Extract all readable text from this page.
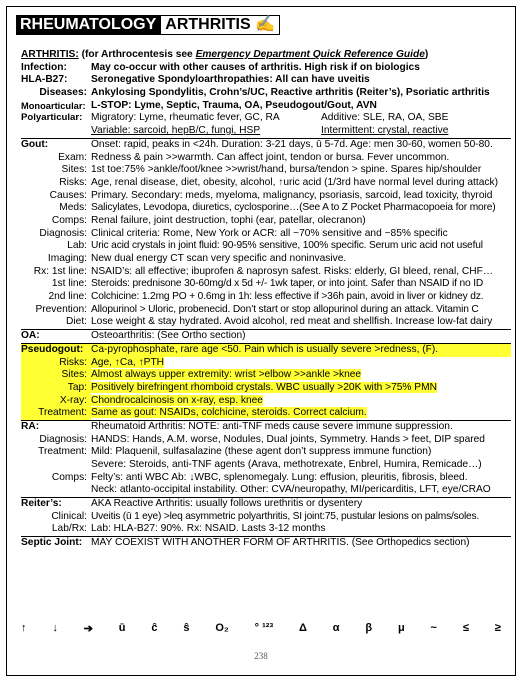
RHEUMATOLOGY ARTHRITIS ✍
ARTHRITIS: (for Arthrocentesis see Emergency Department Quick Reference Guide)
Infection:	May co-occur with other causes of arthritis. High risk if on biologics
HLA-B27:	Seronegative Spondyloarthropathies: All can have uveitis
Diseases: Ankylosing Spondylitis, Crohn’s/UC, Reactive arthritis (Reiter’s), Psoriatic arthritis
Monoarticular: L-STOP: Lyme, Septic, Trauma, OA, Pseudogout/Gout, AVN
Polyarticular: Migratory: Lyme, rheumatic fever, GC, RA	Additive: SLE, RA, OA, SBE
Variable: sarcoid, hepB/C, fungi, HSP	Intermittent: crystal, reactive
Gout:	Onset: rapid, peaks in <24h. Duration: 3-21 days, ū 5-7d. Age: men 30-60, women 50-80.
Exam: Redness & pain >>warmth. Can affect joint, tendon or bursa. Fever uncommon.
Sites: 1st toe:75% >ankle/foot/knee >>wrist/hand, bursa/tendon > spine. Spares hip/shoulder
Risks: Age, renal disease, diet, obesity, alcohol, ↑uric acid (1/3rd have normal level during attack)
Causes: Primary. Secondary: meds, myeloma, malignancy, psoriasis, sarcoid, lead toxicity, thyroid
Meds: Salicylates, Levodopa, diuretics, cyclosporine…(See A to Z Pocket Pharmacopoeia for more)
Comps: Renal failure, joint destruction, tophi (ear, patellar, olecranon)
Diagnosis: Clinical criteria: Rome, New York or ACR: all ~70% sensitive and ~85% specific
Lab: Uric acid crystals in joint fluid: 90-95% sensitive, 100% specific. Serum uric acid not useful
Imaging: New dual energy CT scan very specific and noninvasive.
Rx: 1st line: NSAID’s: all effective; ibuprofen & naprosyn safest. Risks: elderly, GI bleed, renal, CHF…
1st line: Steroids: prednisone 30-60mg/d x 5d +/- 1wk taper, or into joint. Safer than NSAID if no ID
2nd line: Colchicine: 1.2mg PO + 0.6mg in 1h: less effective if >36h pain, avoid in liver or kidney dz.
Prevention: Allopurinol > Uloric, probenecid. Don’t start or stop allopurinol during an attack. Vitamin C
Diet: Lose weight & stay hydrated. Avoid alcohol, red meat and shellfish. Increase low-fat dairy
OA:	Osteoarthritis: (See Ortho section)
Pseudogout: Ca-pyrophosphate, rare age <50. Pain which is usually severe >redness, (F).
Risks: Age, ↑Ca, ↑PTH
Sites: Almost always upper extremity: wrist >elbow >>ankle >knee
Tap: Positively birefringent rhomboid crystals. WBC usually >20K with >75% PMN
X-ray: Chondrocalcinosis on x-ray, esp. knee
Treatment: Same as gout: NSAIDs, colchicine, steroids. Correct calcium.
RA:	Rheumatoid Arthritis: NOTE: anti-TNF meds cause severe immune suppression.
Diagnosis: HANDS: Hands, A.M. worse, Nodules, Dual joints, Symmetry. Hands > feet, DIP spared
Treatment: Mild: Plaquenil, sulfasalazine (these agent don’t suppress immune function)
Severe: Steroids, anti-TNF agents (Arava, methotrexate, Enbrel, Humira, Remicade…)
Comps: Felty’s: anti WBC Ab: ↓WBC, splenomegaly. Lung: effusion, pleuritis, fibrosis, bleed.
Neck: atlanto-occipital instability. Other: CVA/neuropathy, MI/pericarditis, LFT, eye/CRAO
Reiter’s:	AKA Reactive Arthritis: usually follows urethritis or dysentery
Clinical: Uveitis (ū 1 eye) >leq asymmetric polyarthritis, SI joint:75, pustular lesions on palms/soles.
Lab/Rx: Lab: HLA-B27: 90%. Rx: NSAID. Lasts 3-12 months
Septic Joint: MAY COEXIST WITH ANOTHER FORM OF ARTHRITIS. (See Orthopedics section)
↑ ↓ ➔ ū ĉ ŝ O₂ ° ¹²³ Δ α β μ ~ ≤ ≥
238
